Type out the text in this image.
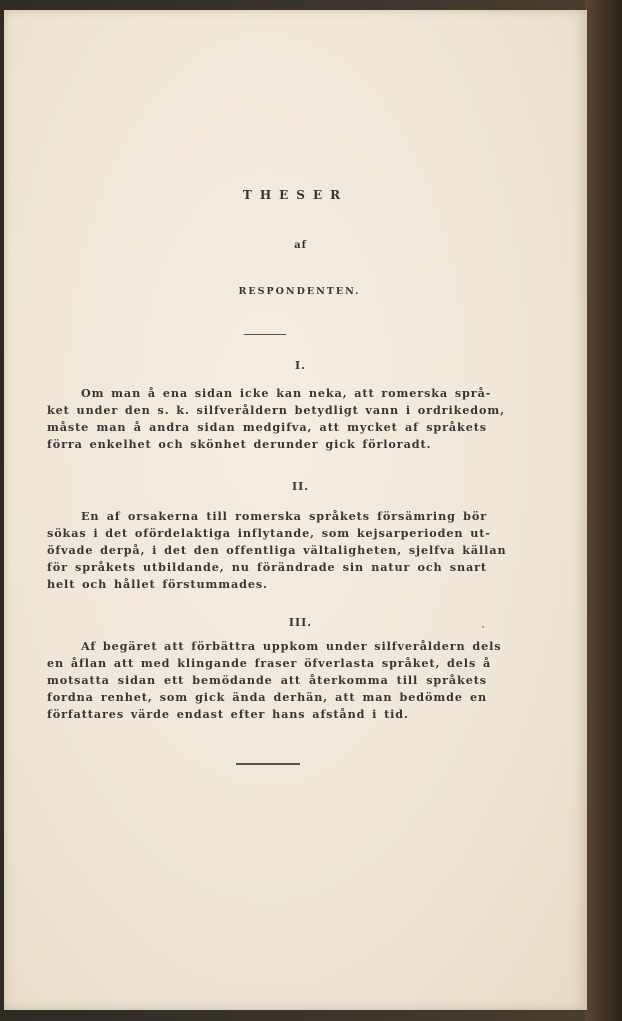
THESER
af
RESPONDENTEN.
I.
Om man å ena sidan icke kan neka, att romerska språ-
ket under den s. k. silfveråldern betydligt vann i ordrikedom,
måste man å andra sidan medgifva, att mycket af språkets
förra enkelhet och skönhet derunder gick förloradt.
II.
En af orsakerna till romerska språkets försämring bör
sökas i det ofördelaktiga inflytande, som kejsarperioden ut-
öfvade derpå, i det den offentliga vältaligheten, sjelfva källan
för språkets utbildande, nu förändrade sin natur och snart
helt och hållet förstummades.
III.
Af begäret att förbättra uppkom under silfveråldern dels
en åflan att med klingande fraser öfverlasta språket, dels å
motsatta sidan ett bemödande att återkomma till språkets
fordna renhet, som gick ända derhän, att man bedömde en
författares värde endast efter hans afstånd i tid.
